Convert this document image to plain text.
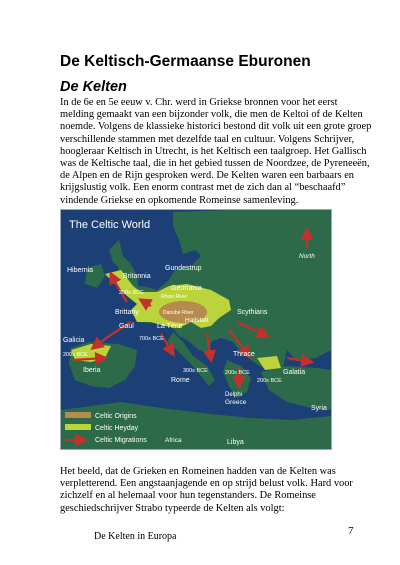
De Keltisch-Germaanse Eburonen
De Kelten

In de 6e en 5e eeuw v. Chr. werd in Griekse bronnen voor het eerst melding gemaakt van een bijzonder volk, die men de Keltoi of de Kelten noemde. Volgens de klassieke historici bestond dit volk uit een grote groep verschillende stammen met dezelfde taal en cultuur. Volgens Schrijver, hoogleraar Keltisch in Utrecht, is het Keltisch een taalgroep. Het Gallisch was de Keltische taal, die in het gebied tussen de Noordzee, de Pyreneeën, de Alpen en de Rijn gesproken werd. De Kelten waren een barbaars en krijgslustig volk. Een enorm contrast met de zich dan al “beschaafd” vindende Griekse en opkomende Romeinse samenleving.

The Celtic World
North
Hibernia
Britannia
Gundestrup
200s BCE
Rhine River
Germania
Brittany	Danube River
Hallstatt
Scythians
Gaul	La Tène
700s BCE
Galicia
200s BCE
Iberia	300s BCE
Rome
Thrace
200s BCE
200s BCE
Galatia
Delphi
Greece
Syria
Africa	Libya
Celtic Origins
Celtic Heyday
Celtic Migrations

Het beeld, dat de Grieken en Romeinen hadden van de Kelten was verpletterend. Een angstaanjagende en op strijd belust volk. Hard voor zichzelf en al helemaal voor hun tegenstanders. De Romeinse geschiedschrijver Strabo typeerde de Kelten als volgt:

De Kelten in Europa	7
